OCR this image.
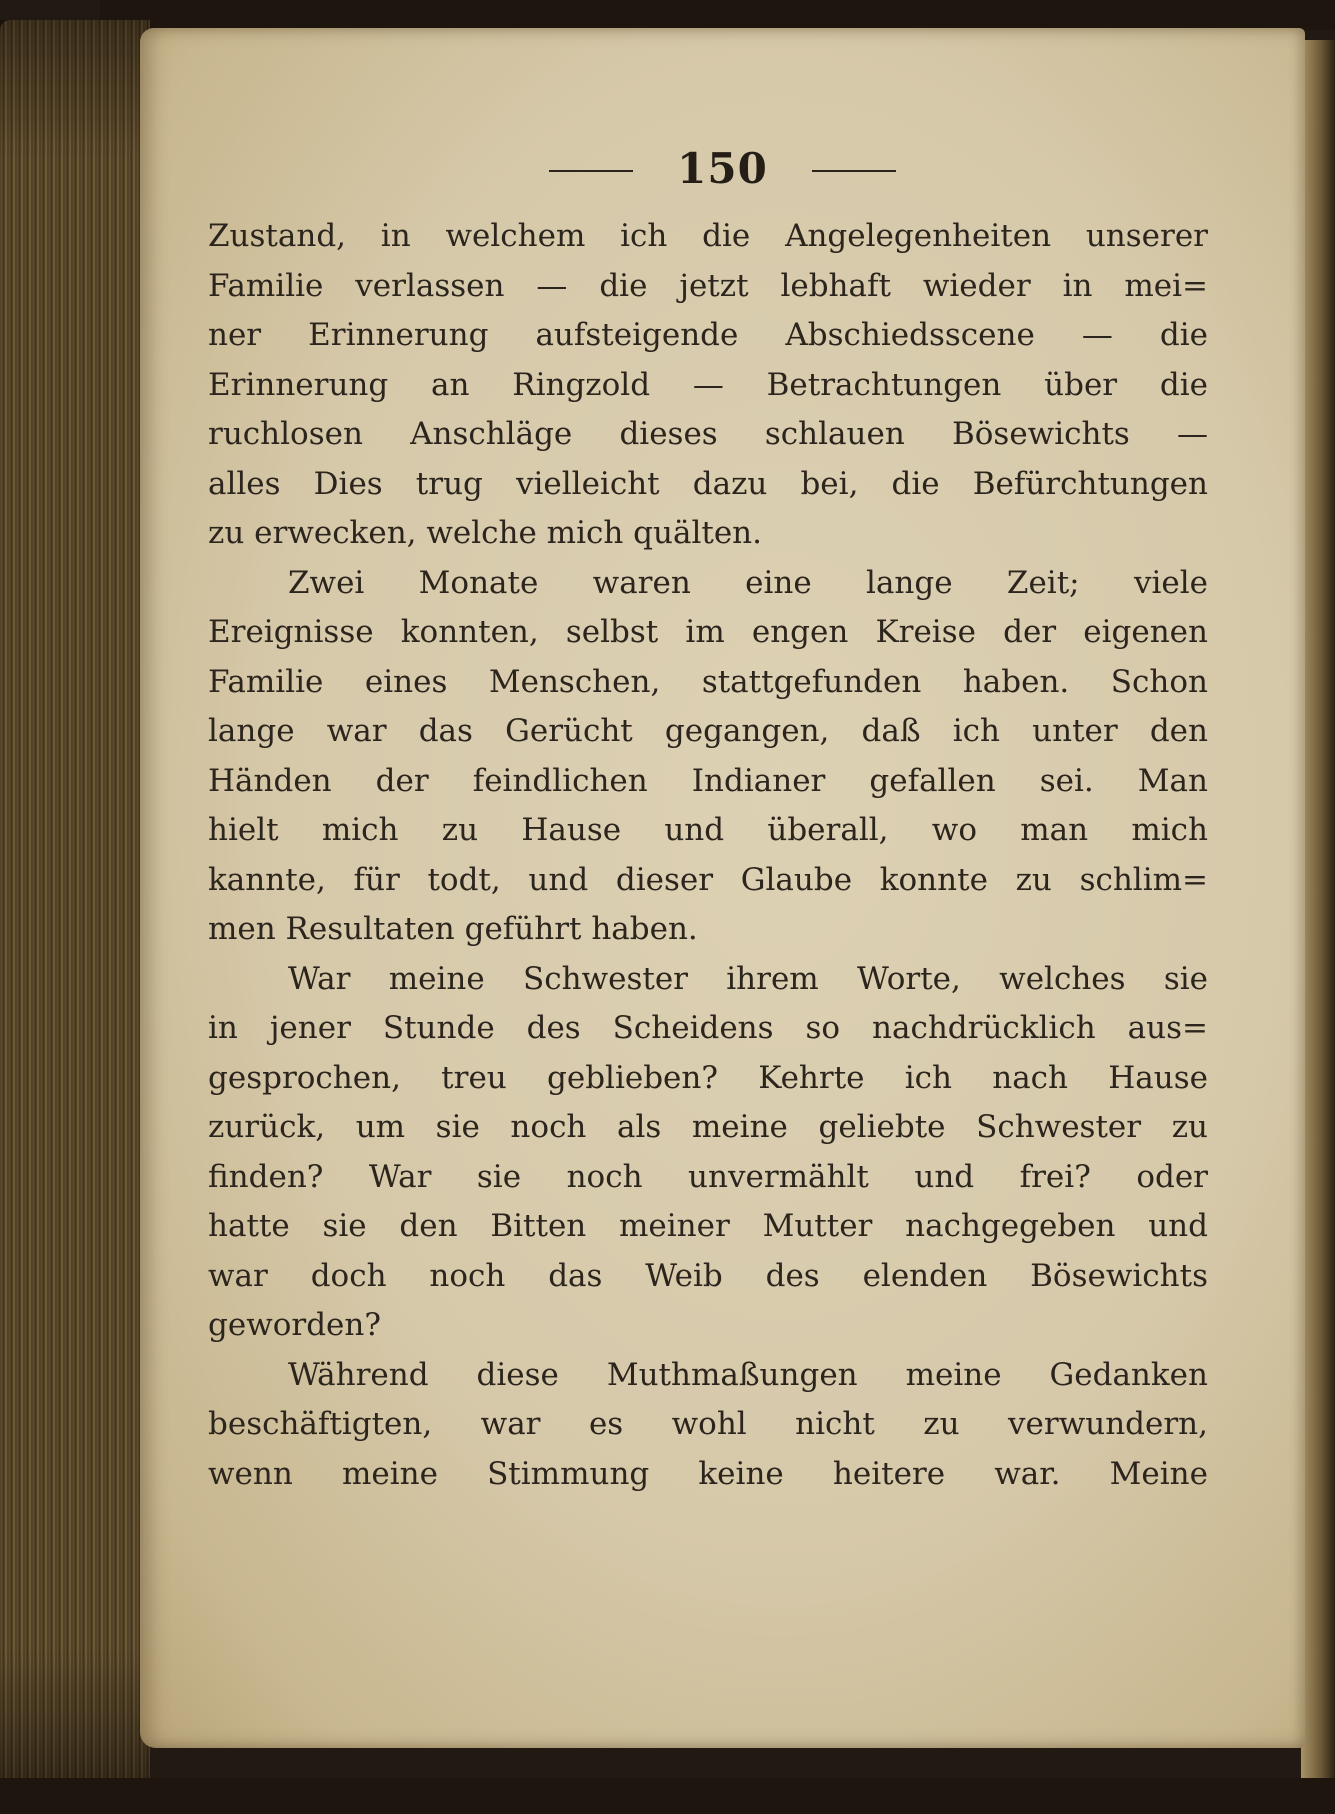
150
Zustand, in welchem ich die Angelegenheiten unserer
Familie verlassen — die jetzt lebhaft wieder in mei=
ner Erinnerung aufsteigende Abschiedsscene — die
Erinnerung an Ringzold — Betrachtungen über die
ruchlosen Anschläge dieses schlauen Bösewichts —
alles Dies trug vielleicht dazu bei, die Befürchtungen
zu erwecken, welche mich quälten.
Zwei Monate waren eine lange Zeit; viele
Ereignisse konnten, selbst im engen Kreise der eigenen
Familie eines Menschen, stattgefunden haben. Schon
lange war das Gerücht gegangen, daß ich unter den
Händen der feindlichen Indianer gefallen sei. Man
hielt mich zu Hause und überall, wo man mich
kannte, für todt, und dieser Glaube konnte zu schlim=
men Resultaten geführt haben.
War meine Schwester ihrem Worte, welches sie
in jener Stunde des Scheidens so nachdrücklich aus=
gesprochen, treu geblieben? Kehrte ich nach Hause
zurück, um sie noch als meine geliebte Schwester zu
finden? War sie noch unvermählt und frei? oder
hatte sie den Bitten meiner Mutter nachgegeben und
war doch noch das Weib des elenden Bösewichts
geworden?
Während diese Muthmaßungen meine Gedanken
beschäftigten, war es wohl nicht zu verwundern,
wenn meine Stimmung keine heitere war. Meine
